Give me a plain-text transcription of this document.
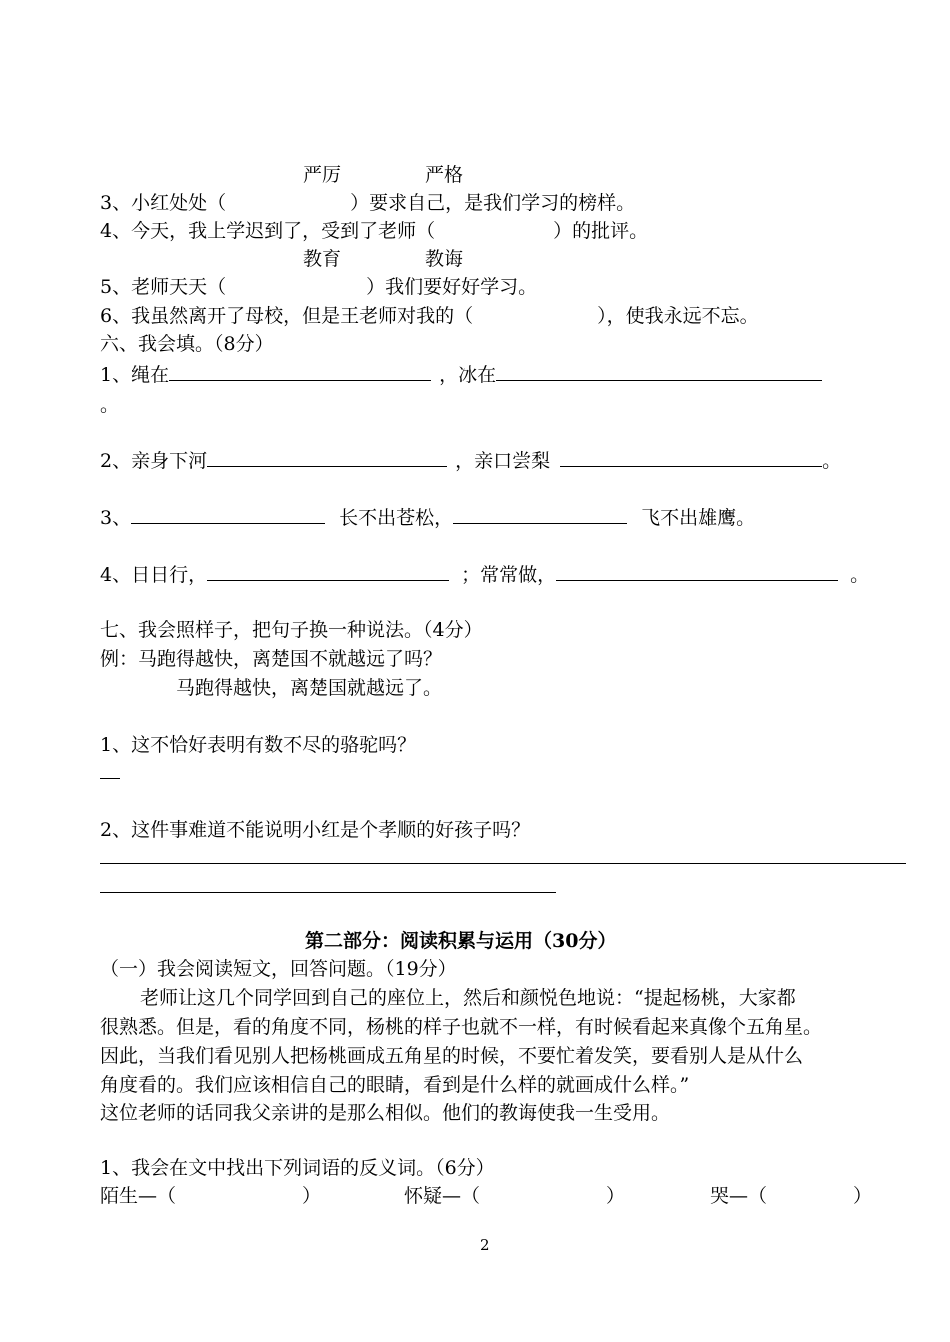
严厉	严格
3、小红处处（	）要求自己，是我们学习的榜样。
4、今天，我上学迟到了，受到了老师（	）的批评。
教育	教诲
5、老师天天（	）我们要好好学习。
6、我虽然离开了母校，但是王老师对我的（	），使我永远不忘。
六、我会填。（8分）
1、绳在	，冰在
。
2、亲身下河	，亲口尝梨	。
3、	长不出苍松，	飞不出雄鹰。
4、日日行，	；常常做，	。
七、我会照样子，把句子换一种说法。（4分）
例：马跑得越快，离楚国不就越远了吗？
马跑得越快，离楚国就越远了。
1、这不恰好表明有数不尽的骆驼吗？
2、这件事难道不能说明小红是个孝顺的好孩子吗？
第二部分：阅读积累与运用（30分）
（一）我会阅读短文，回答问题。（19分）
老师让这几个同学回到自己的座位上，然后和颜悦色地说：“提起杨桃，大家都
很熟悉。但是，看的角度不同，杨桃的样子也就不一样，有时候看起来真像个五角星。
因此，当我们看见别人把杨桃画成五角星的时候，不要忙着发笑，要看别人是从什么
角度看的。我们应该相信自己的眼睛，看到是什么样的就画成什么样。”
这位老师的话同我父亲讲的是那么相似。他们的教诲使我一生受用。
1、我会在文中找出下列词语的反义词。（6分）
陌生—（	）	怀疑—（	）	哭—（	）
2
